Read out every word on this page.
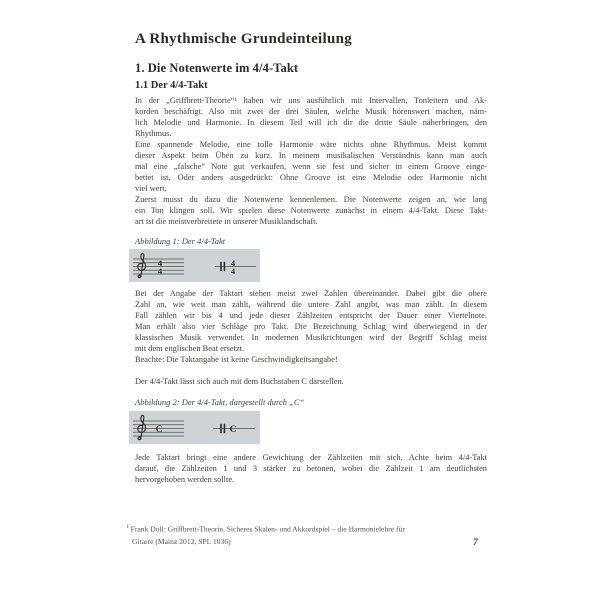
A Rhythmische Grundeinteilung
1. Die Notenwerte im 4/4-Takt
1.1 Der 4/4-Takt
In der „Griffbrett-Theorie“¹ haben wir uns ausführlich mit Intervallen, Tonleitern und Ak-
korden beschäftigt. Also mit zwei der drei Säulen, welche Musik hörenswert machen, näm-
lich Melodie und Harmonie. In diesem Teil will ich dir die dritte Säule näherbringen, den
Rhythmus.
Eine spannende Melodie, eine tolle Harmonie wäre nichts ohne Rhythmus. Meist kommt
dieser Aspekt beim Üben zu kurz. In meinem musikalischen Verständnis kann man auch
mal eine „falsche“ Note gut verkaufen, wenn sie fest und sicher in einem Groove einge-
bettet ist. Oder anders ausgedrückt: Ohne Groove ist eine Melodie oder Harmonie nicht
viel wert.
Zuerst musst du dazu die Notenwerte kennenlernen. Die Notenwerte zeigen an, wie lang
ein Ton klingen soll. Wir spielen diese Notenwerte zunächst in einem 4/4-Takt. Diese Takt-
art ist die meistverbreitete in unserer Musiklandschaft.
Abbildung 1: Der 4/4-Takt
4
4
4
4
Bei der Angabe der Taktart stehen meist zwei Zahlen übereinander. Dabei gibt die obere
Zahl an, wie weit man zählt, während die untere Zahl angibt, was man zählt. In diesem
Fall zählen wir bis 4 und jede dieser Zählzeiten entspricht der Dauer einer Viertelnote.
Man erhält also vier Schläge pro Takt. Die Bezeichnung Schlag wird überwiegend in der
klassischen Musik verwendet. In modernen Musikrichtungen wird der Begriff Schlag meist
mit dem englischen Beat ersetzt.
Beachte: Die Taktangabe ist keine Geschwindigkeitsangabe!
Der 4/4-Takt lässt sich auch mit dem Buchstaben C darstellen.
Abbildung 2: Der 4/4-Takt, dargestellt durch „C“
C	C
Jede Taktart bringt eine andere Gewichtung der Zählzeiten mit sich. Achte beim 4/4-Takt
darauf, die Zählzeiten 1 und 3 stärker zu betonen, wobei die Zählzeit 1 am deutlichsten
hervorgehoben werden sollte.
$^1$ Frank Doll: Griffbrett-Theorie. Sicheres Skalen- und Akkordspiel – die Harmonielehre für
Gitarre (Mainz 2012, SPL 1036)	7
